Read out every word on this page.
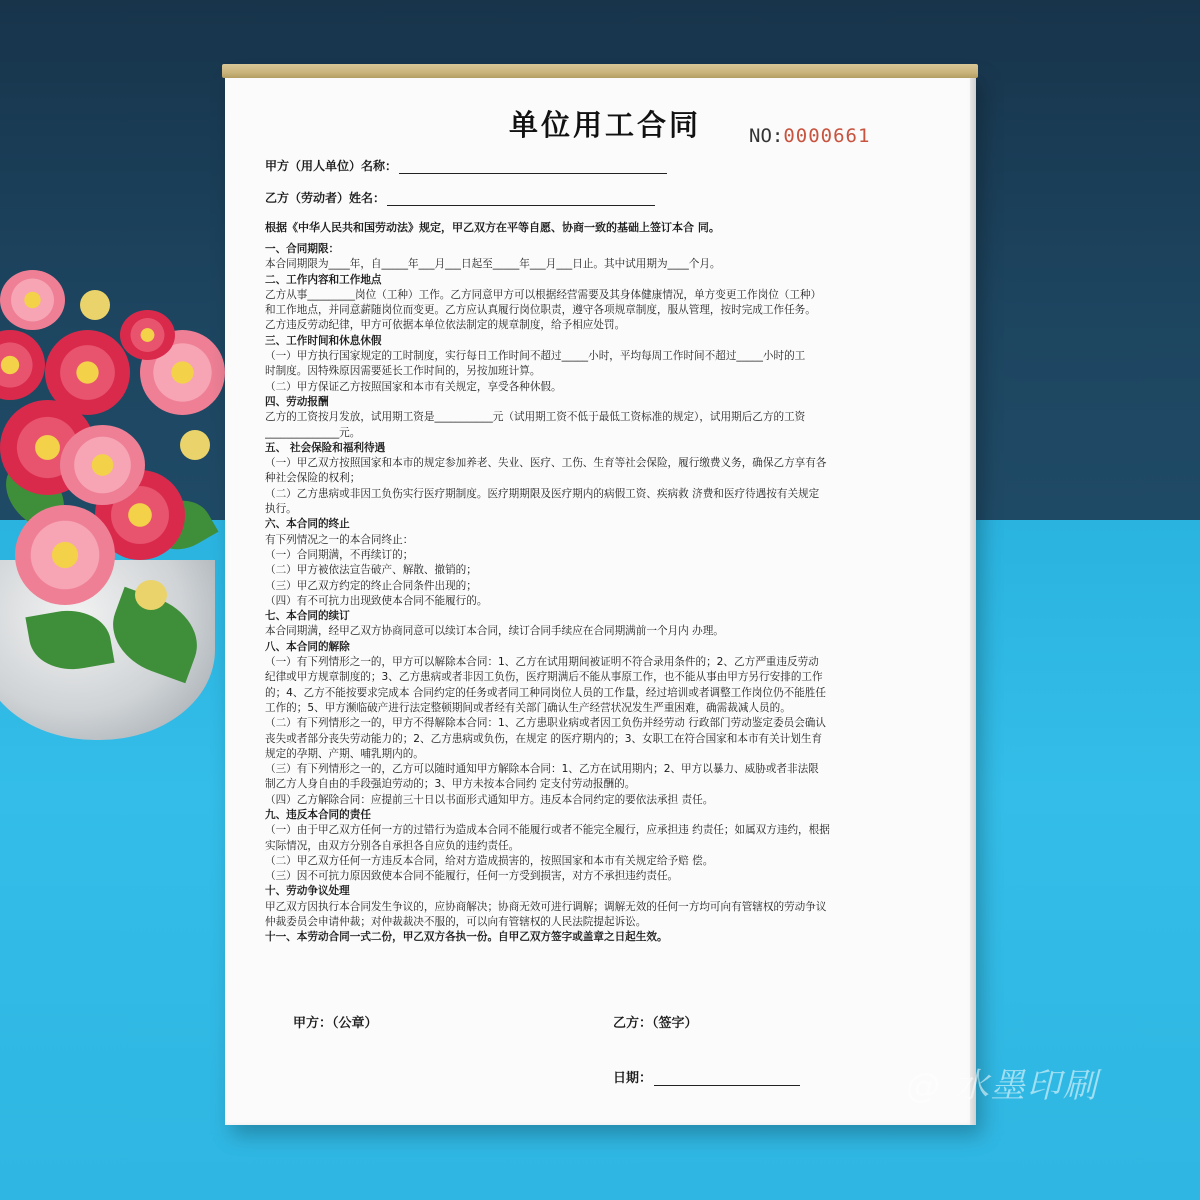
单位用工合同	NO:0000661
甲方（用人单位）名称：
乙方（劳动者）姓名：
根据《中华人民共和国劳动法》规定，甲乙双方在平等自愿、协商一致的基础上签订本合 同。

一、合同期限：

本合同期限为____年，自_____年___月___日起至_____年___月___日止。其中试用期为____个月。

二、工作内容和工作地点

乙方从事_________岗位（工种）工作。乙方同意甲方可以根据经营需要及其身体健康情况，单方变更工作岗位（工种）

和工作地点，并同意薪随岗位而变更。乙方应认真履行岗位职责，遵守各项规章制度，服从管理，按时完成工作任务。

乙方违反劳动纪律，甲方可依据本单位依法制定的规章制度，给予相应处罚。

三、工作时间和休息休假

（一）甲方执行国家规定的工时制度，实行每日工作时间不超过_____小时，平均每周工作时间不超过_____小时的工

时制度。因特殊原因需要延长工作时间的，另按加班计算。

（二）甲方保证乙方按照国家和本市有关规定，享受各种休假。

四、劳动报酬

乙方的工资按月发放，试用期工资是___________元（试用期工资不低于最低工资标准的规定），试用期后乙方的工资

______________元。

五、 社会保险和福利待遇

（一）甲乙双方按照国家和本市的规定参加养老、失业、医疗、工伤、生育等社会保险，履行缴费义务，确保乙方享有各

种社会保险的权利；

（二）乙方患病或非因工负伤实行医疗期制度。医疗期期限及医疗期内的病假工资、疾病救 济费和医疗待遇按有关规定

执行。

六、本合同的终止

有下列情况之一的本合同终止：

（一）合同期满，不再续订的；

（二）甲方被依法宣告破产、解散、撤销的；

（三）甲乙双方约定的终止合同条件出现的；

（四）有不可抗力出现致使本合同不能履行的。

七、本合同的续订

本合同期满，经甲乙双方协商同意可以续订本合同，续订合同手续应在合同期满前一个月内 办理。

八、本合同的解除

（一）有下列情形之一的，甲方可以解除本合同：1、乙方在试用期间被证明不符合录用条件的；2、乙方严重违反劳动

纪律或甲方规章制度的；3、乙方患病或者非因工负伤，医疗期满后不能从事原工作，也不能从事由甲方另行安排的工作

的；4、乙方不能按要求完成本 合同约定的任务或者同工种同岗位人员的工作量，经过培训或者调整工作岗位仍不能胜任

工作的；5、甲方濒临破产进行法定整顿期间或者经有关部门确认生产经营状况发生严重困难，确需裁减人员的。

（二）有下列情形之一的，甲方不得解除本合同：1、乙方患职业病或者因工负伤并经劳动 行政部门劳动鉴定委员会确认

丧失或者部分丧失劳动能力的；2、乙方患病或负伤，在规定 的医疗期内的；3、女职工在符合国家和本市有关计划生育

规定的孕期、产期、哺乳期内的。

（三）有下列情形之一的，乙方可以随时通知甲方解除本合同：1、乙方在试用期内；2、甲方以暴力、威胁或者非法限

制乙方人身自由的手段强迫劳动的；3、甲方未按本合同约 定支付劳动报酬的。

（四）乙方解除合同：应提前三十日以书面形式通知甲方。违反本合同约定的要依法承担 责任。

九、违反本合同的责任

（一）由于甲乙双方任何一方的过错行为造成本合同不能履行或者不能完全履行，应承担违 约责任；如属双方违约，根据

实际情况，由双方分别各自承担各自应负的违约责任。

（二）甲乙双方任何一方违反本合同，给对方造成损害的，按照国家和本市有关规定给予赔 偿。

（三）因不可抗力原因致使本合同不能履行，任何一方受到损害，对方不承担违约责任。

十、劳动争议处理

甲乙双方因执行本合同发生争议的，应协商解决；协商无效可进行调解；调解无效的任何一方均可向有管辖权的劳动争议

仲裁委员会申请仲裁；对仲裁裁决不服的，可以向有管辖权的人民法院提起诉讼。

十一、本劳动合同一式二份，甲乙双方各执一份。自甲乙双方签字或盖章之日起生效。

甲方：（公章）	乙方：（签字）
日期：	@ 水墨印刷
